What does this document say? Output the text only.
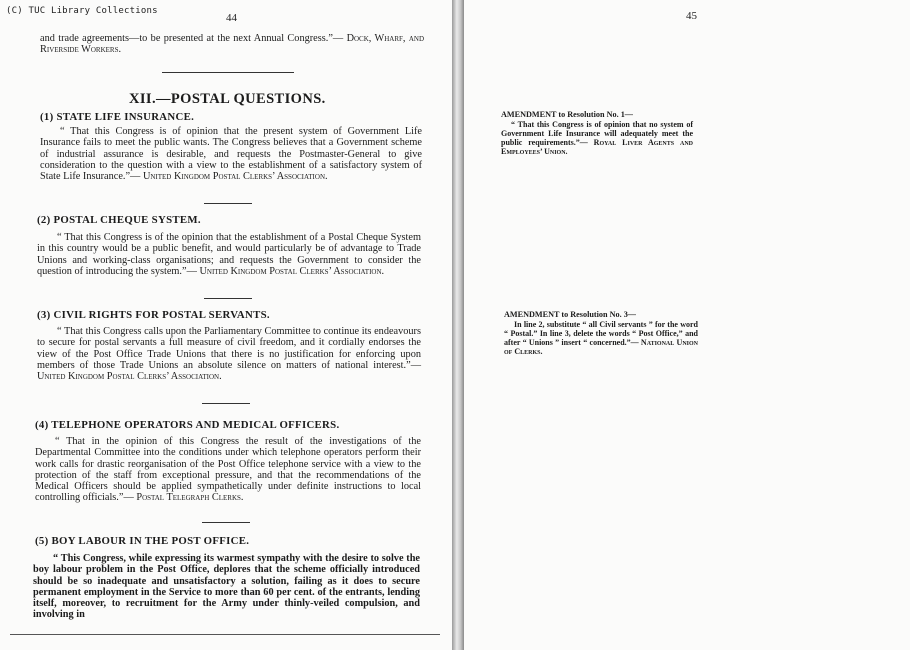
(C) TUC Library Collections
44

and trade agreements—to be presented at the next Annual Congress.”— Dock, Wharf, and Riverside Workers.

XII.—POSTAL QUESTIONS.
(1) STATE LIFE INSURANCE.

“ That this Congress is of opinion that the present system of Government Life Insurance fails to meet the public wants. The Congress believes that a Government scheme of industrial assurance is desirable, and requests the Postmaster-General to give consideration to the question with a view to the establishment of a satisfactory system of State Life Insurance.”— United Kingdom Postal Clerks’ Association.

(2) POSTAL CHEQUE SYSTEM.

“ That this Congress is of the opinion that the establishment of a Postal Cheque System in this country would be a public benefit, and would particularly be of advantage to Trade Unions and working-class organisations; and requests the Government to consider the question of introducing the system.”— United Kingdom Postal Clerks’ Association.

(3) CIVIL RIGHTS FOR POSTAL SERVANTS.

“ That this Congress calls upon the Parliamentary Committee to continue its endeavours to secure for postal servants a full measure of civil freedom, and it cordially endorses the view of the Post Office Trade Unions that there is no justification for enforcing upon members of those Trade Unions an absolute silence on matters of national interest.”— United Kingdom Postal Clerks’ Association.

(4) TELEPHONE OPERATORS AND MEDICAL OFFICERS.

“ That in the opinion of this Congress the result of the investigations of the Departmental Committee into the conditions under which telephone operators perform their work calls for drastic reorganisation of the Post Office telephone service with a view to the protection of the staff from exceptional pressure, and that the recommendations of the Medical Officers should be applied sympathetically under definite instructions to local controlling officials.”— Postal Telegraph Clerks.

(5) BOY LABOUR IN THE POST OFFICE.

“ This Congress, while expressing its warmest sympathy with the desire to solve the boy labour problem in the Post Office, deplores that the scheme officially introduced should be so inadequate and unsatisfactory a solution, failing as it does to secure permanent employment in the Service to more than 60 per cent. of the entrants, lending itself, moreover, to recruitment for the Army under thinly-veiled compulsion, and involving in

45

AMENDMENT to Resolution No. 1—

“ That this Congress is of opinion that no system of Government Life Insurance will adequately meet the public requirements.”— Royal Liver Agents and Employees’ Union.

AMENDMENT to Resolution No. 3—

In line 2, substitute “ all Civil servants ” for the word “ Postal.” In line 3, delete the words “ Post Office,” and after “ Unions ” insert “ concerned.”— National Union of Clerks.
